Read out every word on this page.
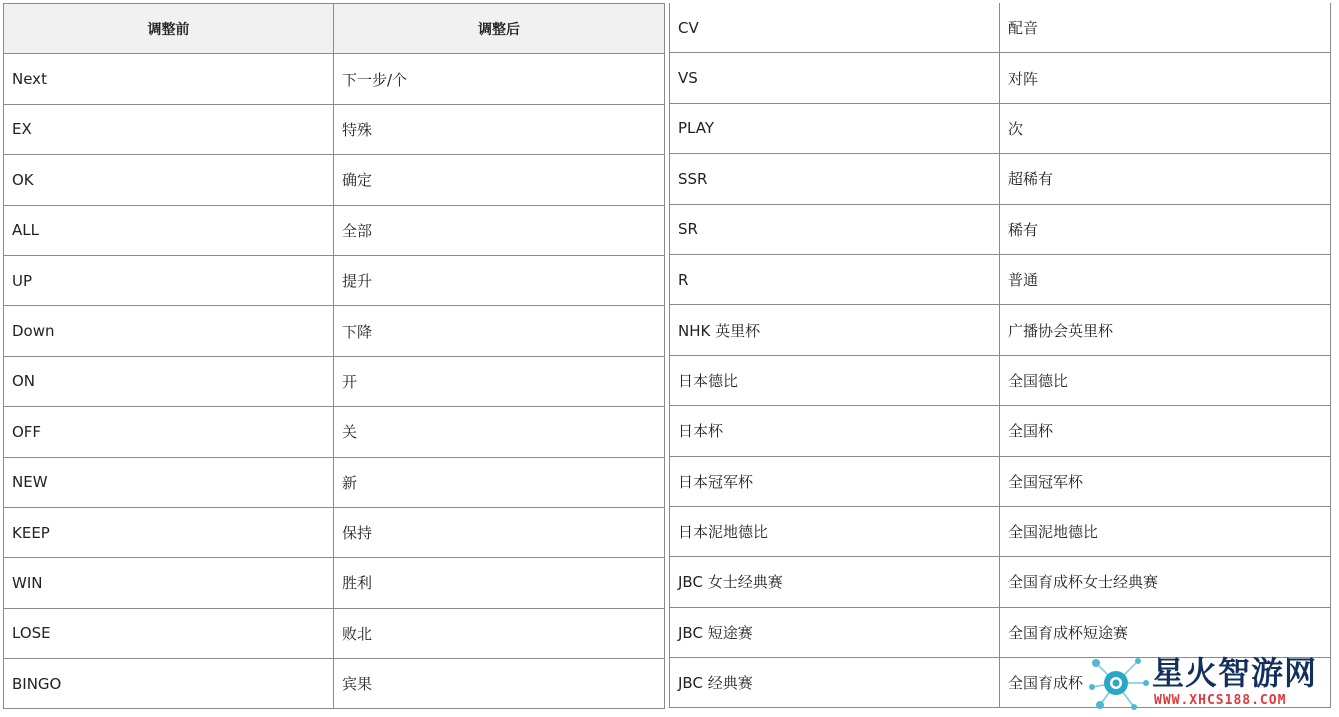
调整前	调整后
Next	下一步/个
EX	特殊
OK	确定
ALL	全部
UP	提升
Down	下降
ON	开
OFF	关
NEW	新
KEEP	保持
WIN	胜利
LOSE	败北
BINGO	宾果
CV	配音
VS	对阵
PLAY	次
SSR	超稀有
SR	稀有
R	普通
NHK 英里杯	广播协会英里杯
日本德比	全国德比
日本杯	全国杯
日本冠军杯	全国冠军杯
日本泥地德比	全国泥地德比
JBC 女士经典赛	全国育成杯女士经典赛
JBC 短途赛	全国育成杯短途赛
JBC 经典赛	全国育成杯 星火智游网
WWW.XHCS188.COM
